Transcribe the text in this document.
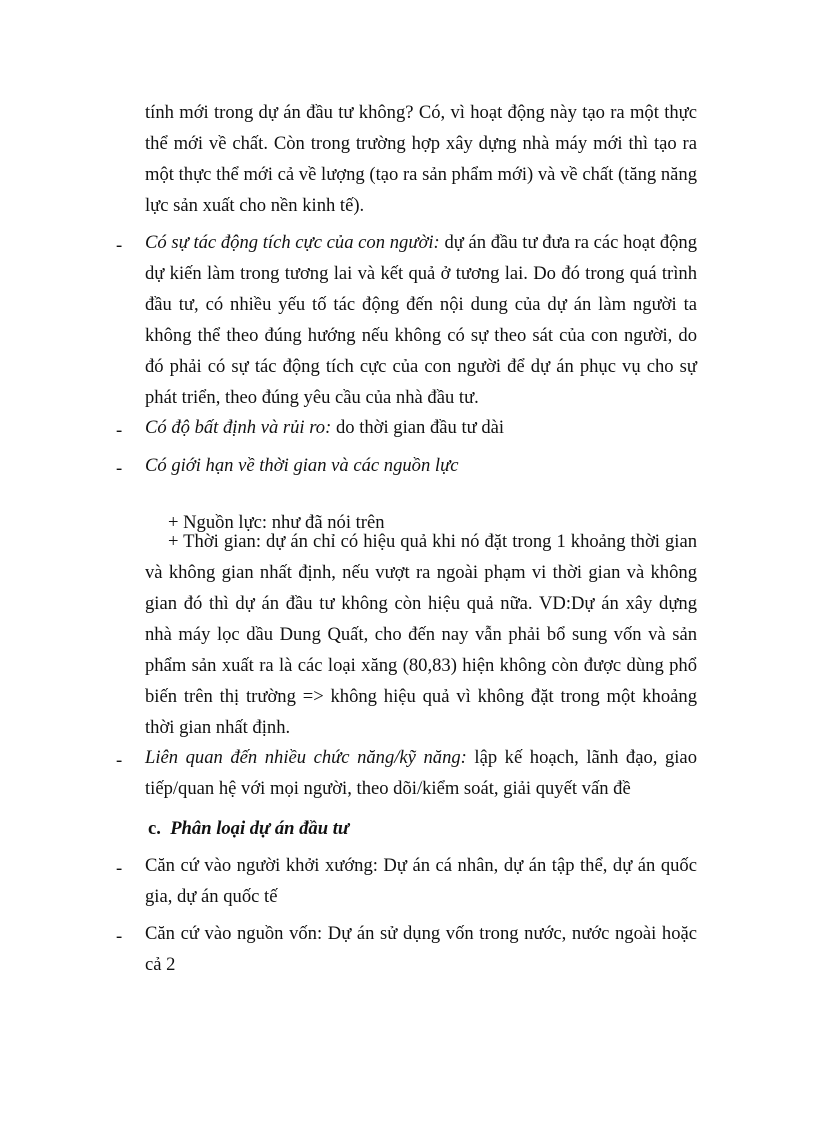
tính mới trong dự án đầu tư không? Có, vì hoạt động này tạo ra một thực thể mới về chất. Còn trong trường hợp xây dựng nhà máy mới thì tạo ra một thực thể mới cả về lượng (tạo ra sản phẩm mới) và về chất (tăng năng lực sản xuất cho nền kinh tế).

- Có sự tác động tích cực của con người: dự án đầu tư đưa ra các hoạt động dự kiến làm trong tương lai và kết quả ở tương lai. Do đó trong quá trình đầu tư, có nhiều yếu tố tác động đến nội dung của dự án làm người ta không thể theo đúng hướng nếu không có sự theo sát của con người, do đó phải có sự tác động tích cực của con người để dự án phục vụ cho sự phát triển, theo đúng yêu cầu của nhà đầu tư.

- Có độ bất định và rủi ro: do thời gian đầu tư dài

- Có giới hạn về thời gian và các nguồn lực

+ Nguồn lực: như đã nói trên

+ Thời gian: dự án chỉ có hiệu quả khi nó đặt trong 1 khoảng thời gian và không gian nhất định, nếu vượt ra ngoài phạm vi thời gian và không gian đó thì dự án đầu tư không còn hiệu quả nữa. VD:Dự án xây dựng nhà máy lọc dầu Dung Quất, cho đến nay vẫn phải bổ sung vốn và sản phẩm sản xuất ra là các loại xăng (80,83) hiện không còn được dùng phổ biến trên thị trường => không hiệu quả vì không đặt trong một khoảng thời gian nhất định.

- Liên quan đến nhiều chức năng/kỹ năng: lập kế hoạch, lãnh đạo, giao tiếp/quan hệ với mọi người, theo dõi/kiểm soát, giải quyết vấn đề

c. Phân loại dự án đầu tư
- Căn cứ vào người khởi xướng: Dự án cá nhân, dự án tập thể, dự án quốc gia, dự án quốc tế

- Căn cứ vào nguồn vốn: Dự án sử dụng vốn trong nước, nước ngoài hoặc cả 2
